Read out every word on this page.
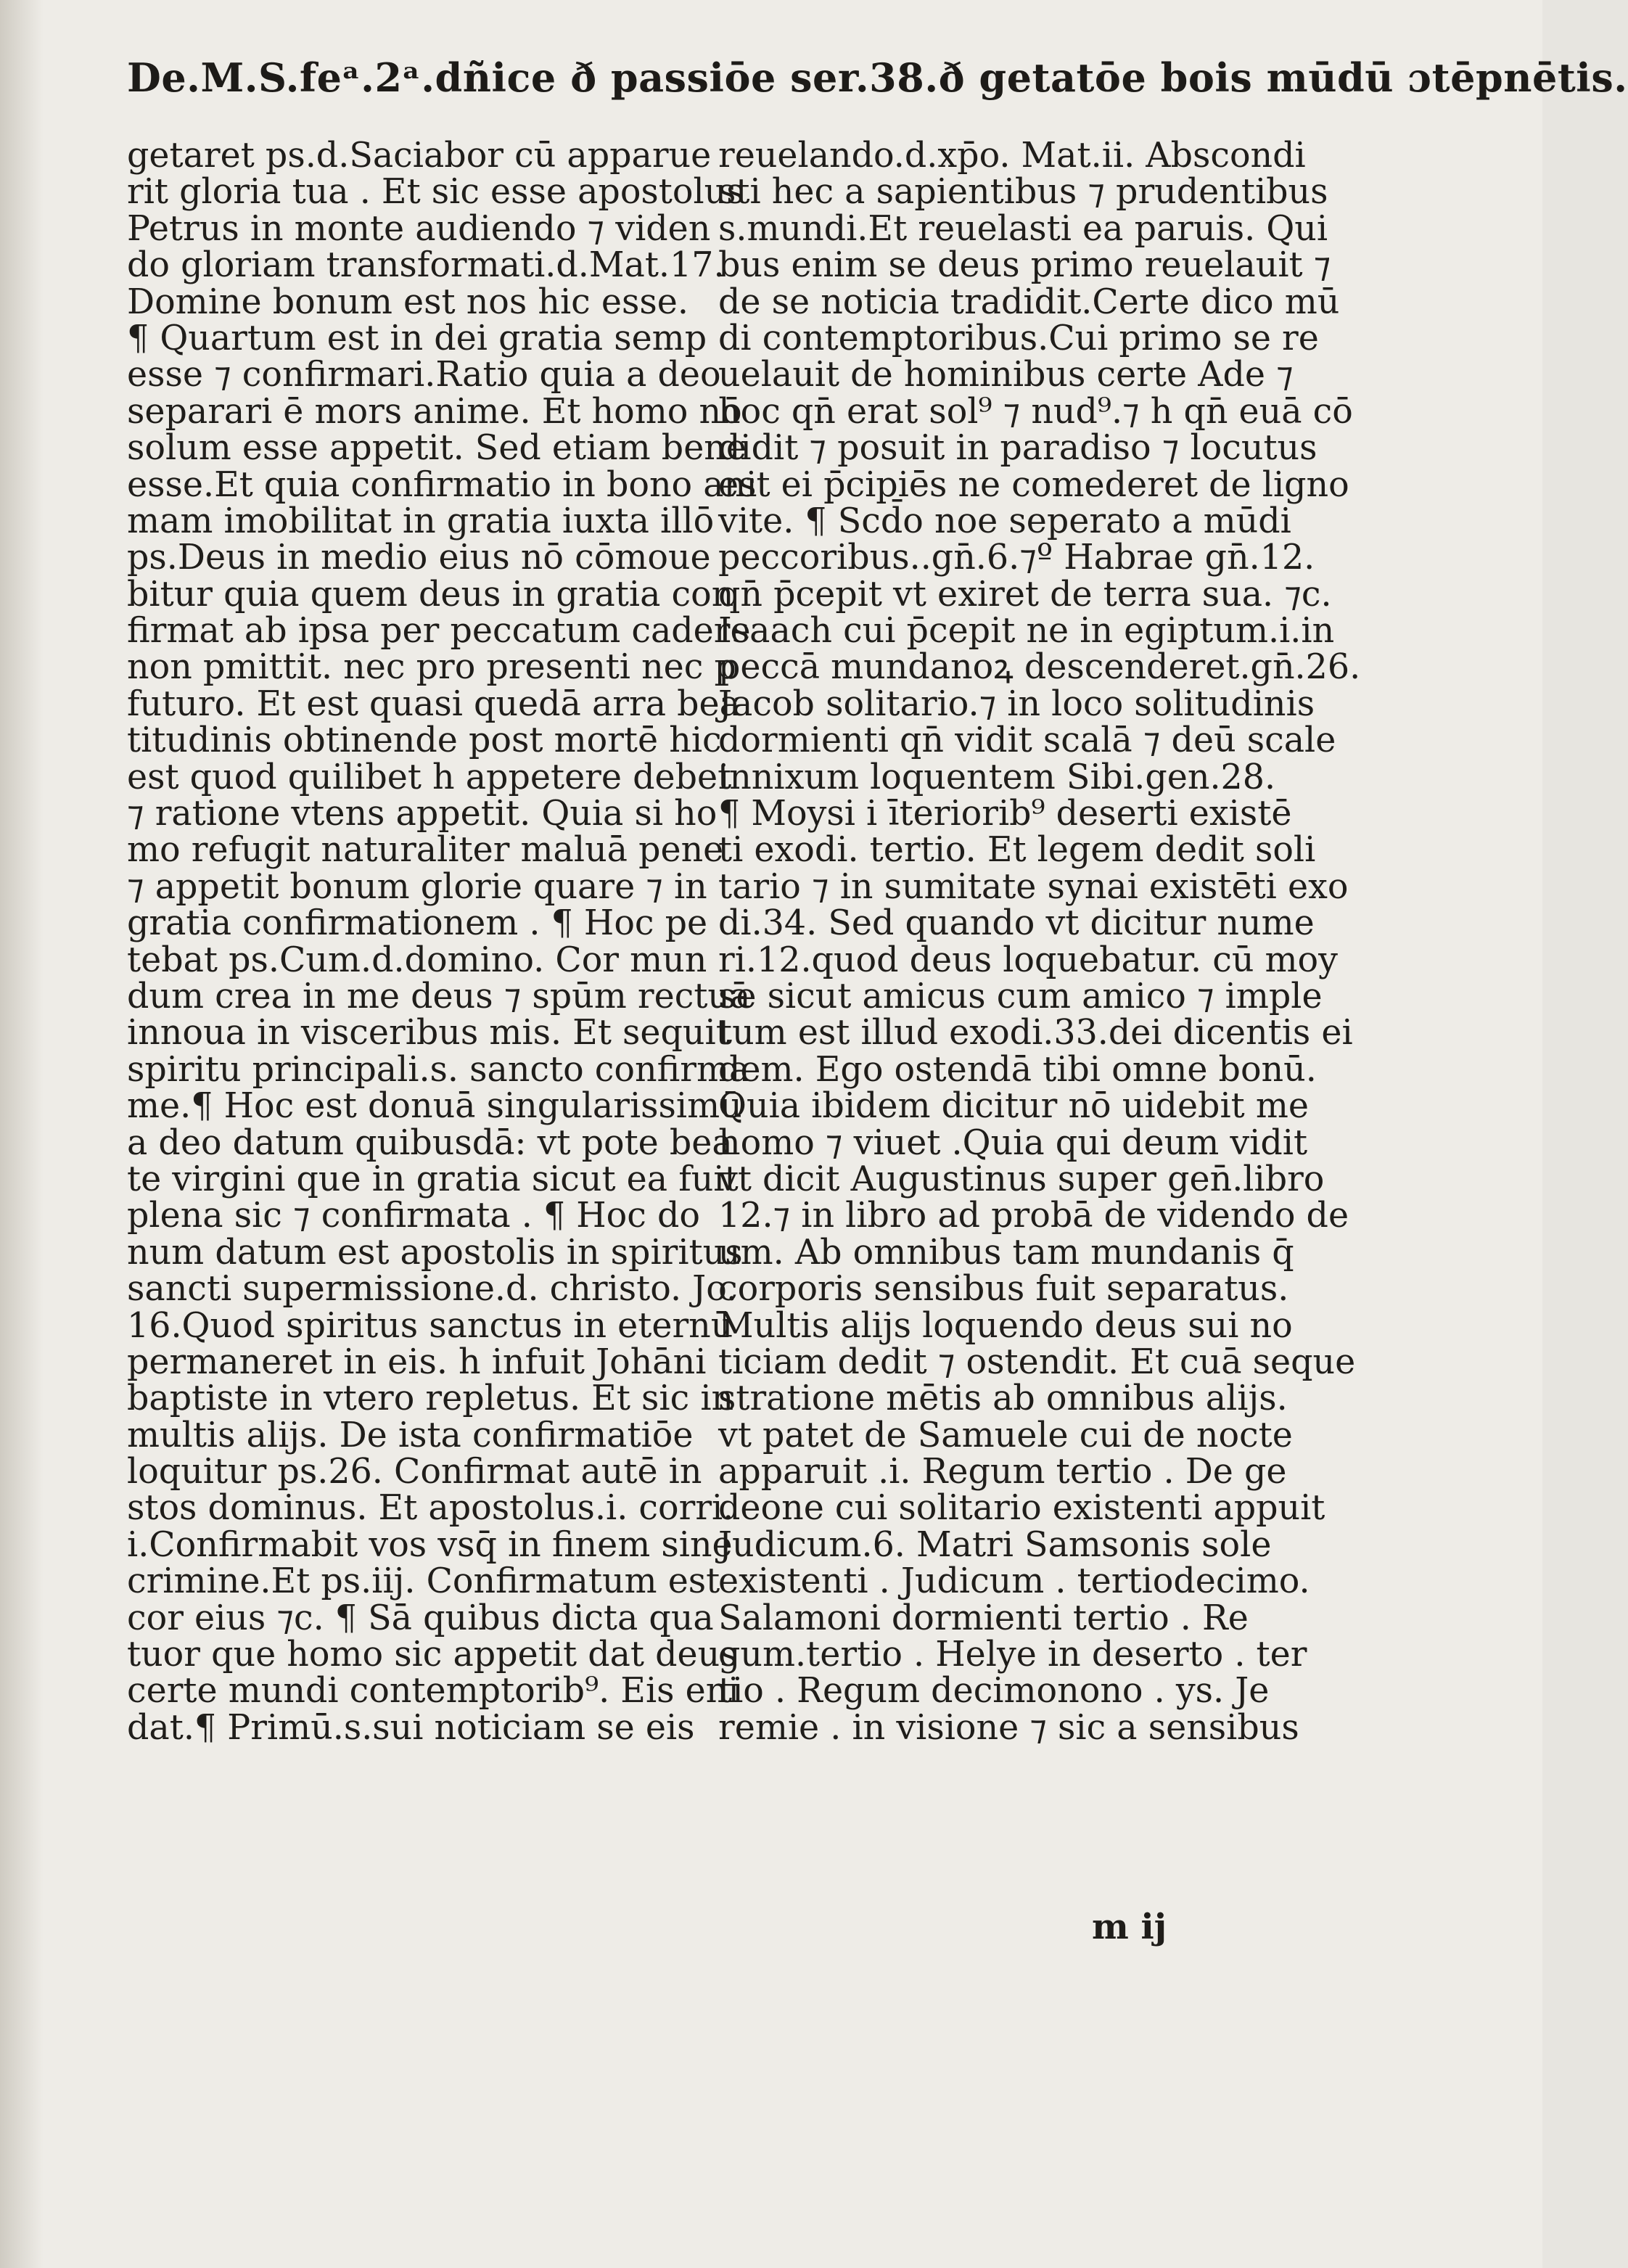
De.M.S.feᵃ.2ᵃ.dñice ð passiōe ser.38.ð getatōe bois mūdū ɔtēpnētis.
getaret ps.d.Saciabor cū apparue
rit gloria tua . Et sic esse apostolus
Petrus in monte audiendo ⁊ viden
do gloriam transformati.d.Mat.17.
Domine bonum est nos hic esse.
¶ Quartum est in dei gratia semp
esse ⁊ confirmari.Ratio quia a deo
separari ē mors anime. Et homo nō
solum esse appetit. Sed etiam bene
esse.Et quia confirmatio in bono ani
mam imobilitat in gratia iuxta illō
ps.Deus in medio eius nō cōmoue
bitur quia quem deus in gratia con
firmat ab ipsa per peccatum cadere
non pmittit. nec pro presenti nec p
futuro. Et est quasi quedā arra bea
titudinis obtinende post mortē hic
est quod quilibet h appetere debet
⁊ ratione vtens appetit. Quia si ho
mo refugit naturaliter maluā pene
⁊ appetit bonum glorie quare ⁊ in
gratia confirmationem . ¶ Hoc pe
tebat ps.Cum.d.domino. Cor mun
dum crea in me deus ⁊ spūm rectuā
innoua in visceribus mis. Et sequit
spiritu principali.s. sancto confirma
me.¶ Hoc est donuā singularissimū
a deo datum quibusdā: vt pote bea
te virgini que in gratia sicut ea fuit
plena sic ⁊ confirmata . ¶ Hoc do
num datum est apostolis in spiritus
sancti supermissione.d. christo. Jo.
16.Quod spiritus sanctus in eternū
permaneret in eis. h infuit Johāni
baptiste in vtero repletus. Et sic in
multis alijs. De ista confirmatiōe
loquitur ps.26. Confirmat autē in
stos dominus. Et apostolus.i. corri.
i.Confirmabit vos vsq̄ in finem sine
crimine.Et ps.iij. Confirmatum est
cor eius ⁊c. ¶ Sā quibus dicta qua
tuor que homo sic appetit dat deus
certe mundi contemptorib⁹. Eis eni
dat.¶ Primū.s.sui noticiam se eis
reuelando.d.xp̄o. Mat.ii. Abscondi
sti hec a sapientibus ⁊ prudentibus
s.mundi.Et reuelasti ea paruis. Qui
bus enim se deus primo reuelauit ⁊
de se noticia tradidit.Certe dico mū
di contemptoribus.Cui primo se re
uelauit de hominibus certe Ade ⁊
hoc qn̄ erat sol⁹ ⁊ nud⁹.⁊ h qn̄ euā cō
didit ⁊ posuit in paradiso ⁊ locutus
est ei p̄cipiēs ne comederet de ligno
vite. ¶ Scd̄o noe seperato a mūdi
peccoribus..gn̄.6.⁊º Habrae gn̄.12.
qn̄ p̄cepit vt exiret de terra sua. ⁊c.
Isaach cui p̄cepit ne in egiptum.i.in
peccā mundanoꝝ descenderet.gn̄.26.
Jacob solitario.⁊ in loco solitudinis
dormienti qn̄ vidit scalā ⁊ deū scale
innixum loquentem Sibi.gen.28.
¶ Moysi i īteriorib⁹ deserti existē
ti exodi. tertio. Et legem dedit soli
tario ⁊ in sumitate synai existēti exo
di.34. Sed quando vt dicitur nume
ri.12.quod deus loquebatur. cū moy
se sicut amicus cum amico ⁊ imple
tum est illud exodi.33.dei dicentis ei
dem. Ego ostendā tibi omne bonū.
Quia ibidem dicitur nō uidebit me
homo ⁊ viuet .Quia qui deum vidit
vt dicit Augustinus super gen̄.libro
12.⁊ in libro ad probā de videndo de
um. Ab omnibus tam mundanis q̄
corporis sensibus fuit separatus.
Multis alijs loquendo deus sui no
ticiam dedit ⁊ ostendit. Et cuā seque
stratione mētis ab omnibus alijs.
vt patet de Samuele cui de nocte
apparuit .i. Regum tertio . De ge
deone cui solitario existenti appuit
Judicum.6. Matri Samsonis sole
existenti . Judicum . tertiodecimo.
Salamoni dormienti tertio . Re
gum.tertio . Helye in deserto . ter
tio . Regum decimonono . ys. Je
remie . in visione ⁊ sic a sensibus
m ij
